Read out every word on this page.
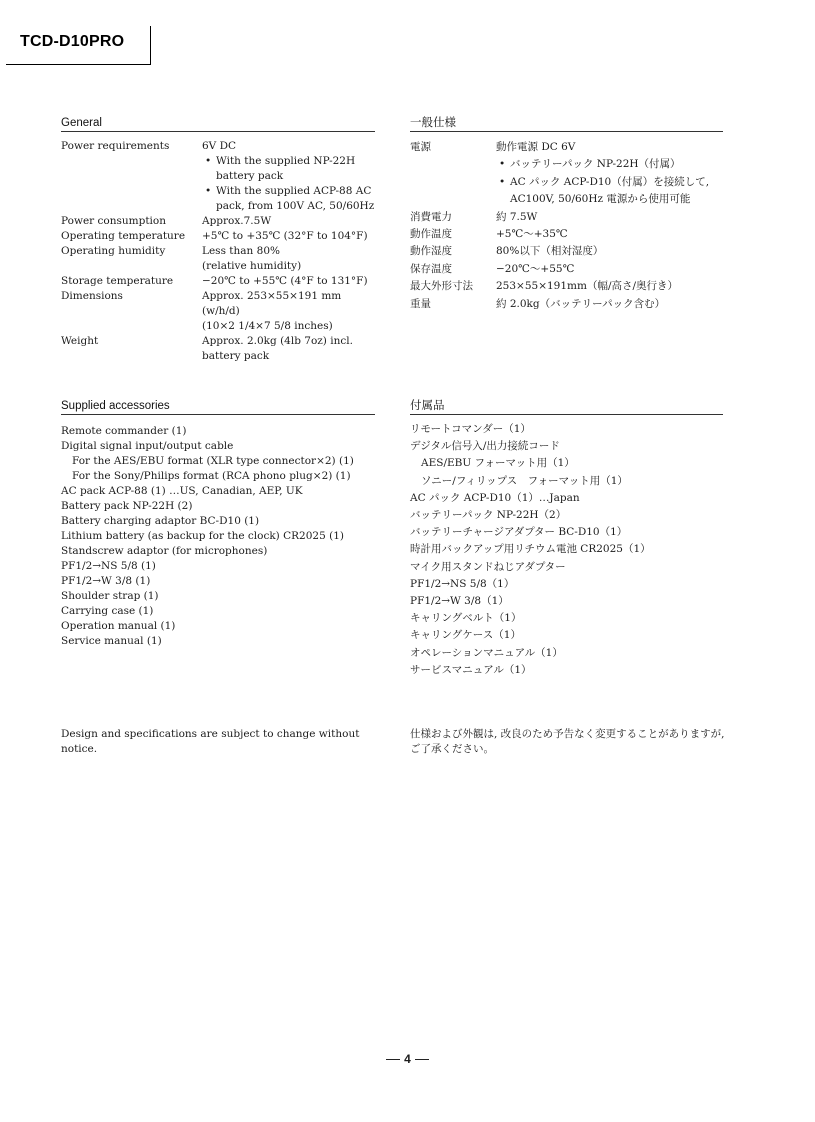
TCD-D10PRO
General
Power requirements	6V DC
• With the supplied NP-22H
battery pack
• With the supplied ACP-88 AC
pack, from 100V AC, 50/60Hz
Power consumption	Approx.7.5W
Operating temperature +5℃ to +35℃ (32°F to 104°F)
Operating humidity	Less than 80%
(relative humidity)
Storage temperature	−20℃ to +55℃ (4°F to 131°F)
Dimensions	Approx. 253×55×191 mm
(w/h/d)
(10×2 1/4×7 5/8 inches)
Weight	Approx. 2.0kg (4lb 7oz) incl.
battery pack
一般仕様
電源	動作電源 DC 6V
• バッテリーパック NP-22H（付属）
• AC パック ACP-D10（付属）を接続して,
AC100V, 50/60Hz 電源から使用可能
消費電力	約 7.5W
動作温度	+5℃〜+35℃
動作湿度	80%以下（相対湿度）
保存温度	−20℃〜+55℃
最大外形寸法 253×55×191mm（幅/高さ/奥行き）
重量	約 2.0kg（バッテリーパック含む）
Supplied accessories
Remote commander (1)
Digital signal input/output cable
For the AES/EBU format (XLR type connector×2) (1)
For the Sony/Philips format (RCA phono plug×2) (1)
AC pack ACP-88 (1) …US, Canadian, AEP, UK
Battery pack NP-22H (2)
Battery charging adaptor BC-D10 (1)
Lithium battery (as backup for the clock) CR2025 (1)
Standscrew adaptor (for microphones)
PF1/2→NS 5/8 (1)
PF1/2→W 3/8 (1)
Shoulder strap (1)
Carrying case (1)
Operation manual (1)
Service manual (1)
付属品
リモートコマンダー（1）
デジタル信号入/出力接続コード
AES/EBU フォーマット用（1）
ソニー/フィリップス　フォーマット用（1）
AC パック ACP-D10（1）…Japan
バッテリーパック NP-22H（2）
バッテリーチャージアダプター BC-D10（1）
時計用バックアップ用リチウム電池 CR2025（1）
マイク用スタンドねじアダプター
PF1/2→NS 5/8（1）
PF1/2→W 3/8（1）
キャリングベルト（1）
キャリングケース（1）
オペレーションマニュアル（1）
サービスマニュアル（1）
Design and specifications are subject to change without
notice.
仕様および外観は, 改良のため予告なく変更することがありますが,
ご了承ください。
4
